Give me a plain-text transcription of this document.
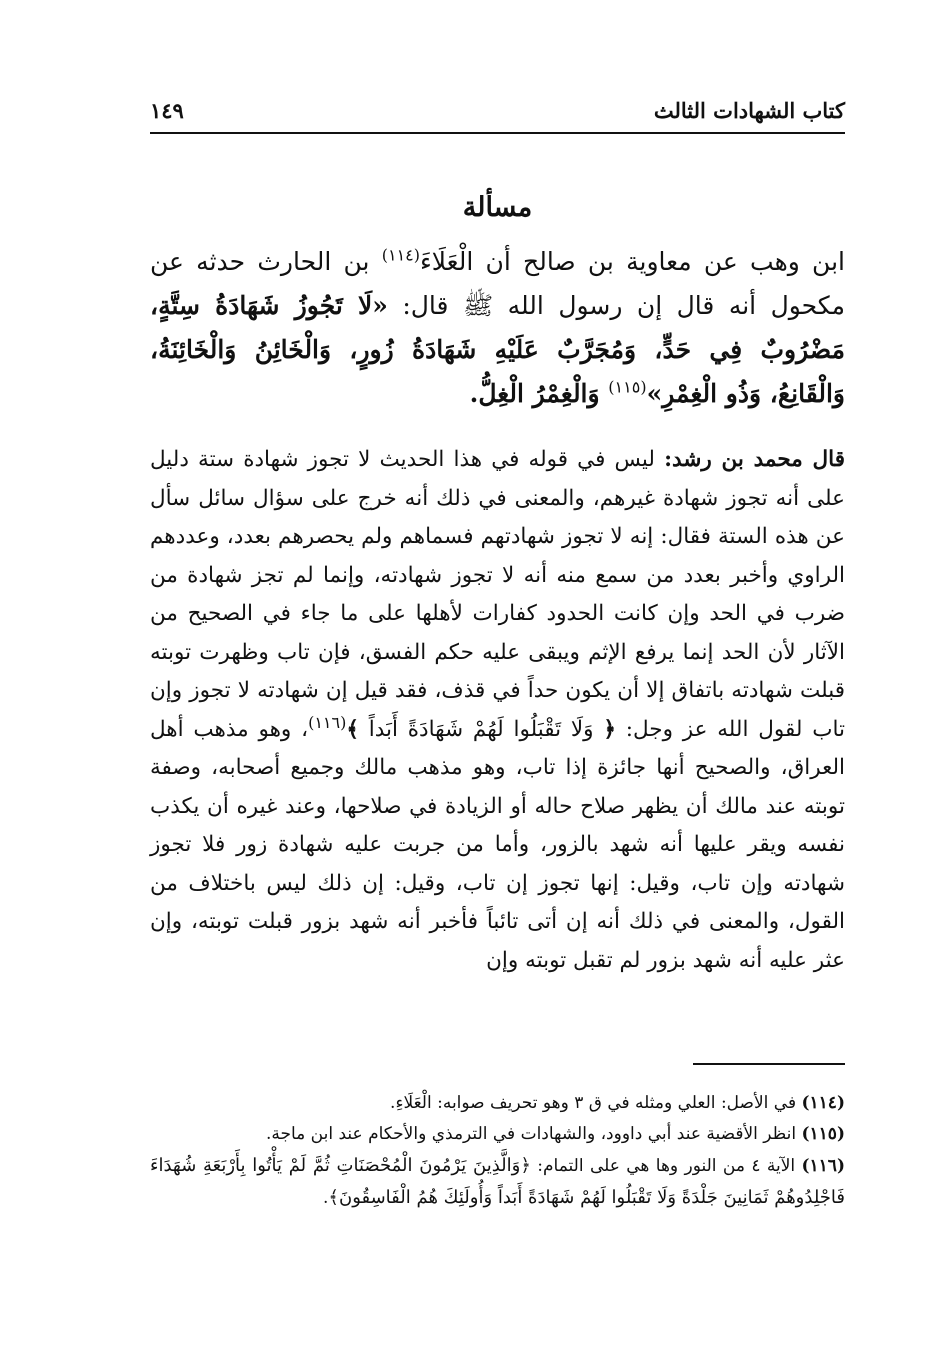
كتاب الشهادات الثالث
١٤٩
مسألة

ابن وهب عن معاوية بن صالح أن الْعَلَاءَ$^{(١١٤)}$ بن الحارث حدثه عن مكحول أنه قال إن رسول الله ﷺ قال: «لَا تَجُوزُ شَهَادَةُ سِتَّةٍ، مَضْرُوبٌ فِي حَدٍّ، وَمُجَرَّبٌ عَلَيْهِ شَهَادَةُ زُورٍ، وَالْخَائِنُ وَالْخَائِنَةُ، وَالْقَانِعُ، وَذُو الْغِمْرِ»$^{(١١٥)}$ وَالْغِمْرُ الْغِلُّ.

قال محمد بن رشد: ليس في قوله في هذا الحديث لا تجوز شهادة ستة دليل على أنه تجوز شهادة غيرهم، والمعنى في ذلك أنه خرج على سؤال سائل سأل عن هذه الستة فقال: إنه لا تجوز شهادتهم فسماهم ولم يحصرهم بعدد، وعددهم الراوي وأخبر بعدد من سمع منه أنه لا تجوز شهادته، وإنما لم تجز شهادة من ضرب في الحد وإن كانت الحدود كفارات لأهلها على ما جاء في الصحيح من الآثار لأن الحد إنما يرفع الإثم ويبقى عليه حكم الفسق، فإن تاب وظهرت توبته قبلت شهادته باتفاق إلا أن يكون حداً في قذف، فقد قيل إن شهادته لا تجوز وإن تاب لقول الله عز وجل: ﴿ وَلَا تَقْبَلُوا لَهُمْ شَهَادَةً أَبَداً ﴾$^{(١١٦)}$، وهو مذهب أهل العراق، والصحيح أنها جائزة إذا تاب، وهو مذهب مالك وجميع أصحابه، وصفة توبته عند مالك أن يظهر صلاح حاله أو الزيادة في صلاحها، وعند غيره أن يكذب نفسه ويقر عليها أنه شهد بالزور، وأما من جربت عليه شهادة زور فلا تجوز شهادته وإن تاب، وقيل: إنها تجوز إن تاب، وقيل: إن ذلك ليس باختلاف من القول، والمعنى في ذلك أنه إن أتى تائباً فأخبر أنه شهد بزور قبلت توبته، وإن عثر عليه أنه شهد بزور لم تقبل توبته وإن

(١١٤) في الأصل: العلي ومثله في ق ٣ وهو تحريف صوابه: الْعَلَاءِ.

(١١٥) انظر الأقضية عند أبي داوود، والشهادات في الترمذي والأحكام عند ابن ماجة.

(١١٦) الآية ٤ من النور وها هي على التمام: ﴿وَالَّذِينَ يَرْمُونَ الْمُحْصَنَاتِ ثُمَّ لَمْ يَأْتُوا بِأَرْبَعَةِ شُهَدَاءَ فَاجْلِدُوهُمْ ثَمَانِينَ جَلْدَةً وَلَا تَقْبَلُوا لَهُمْ شَهَادَةً أَبَداً وَأُولَئِكَ هُمُ الْفَاسِقُونَ﴾.
